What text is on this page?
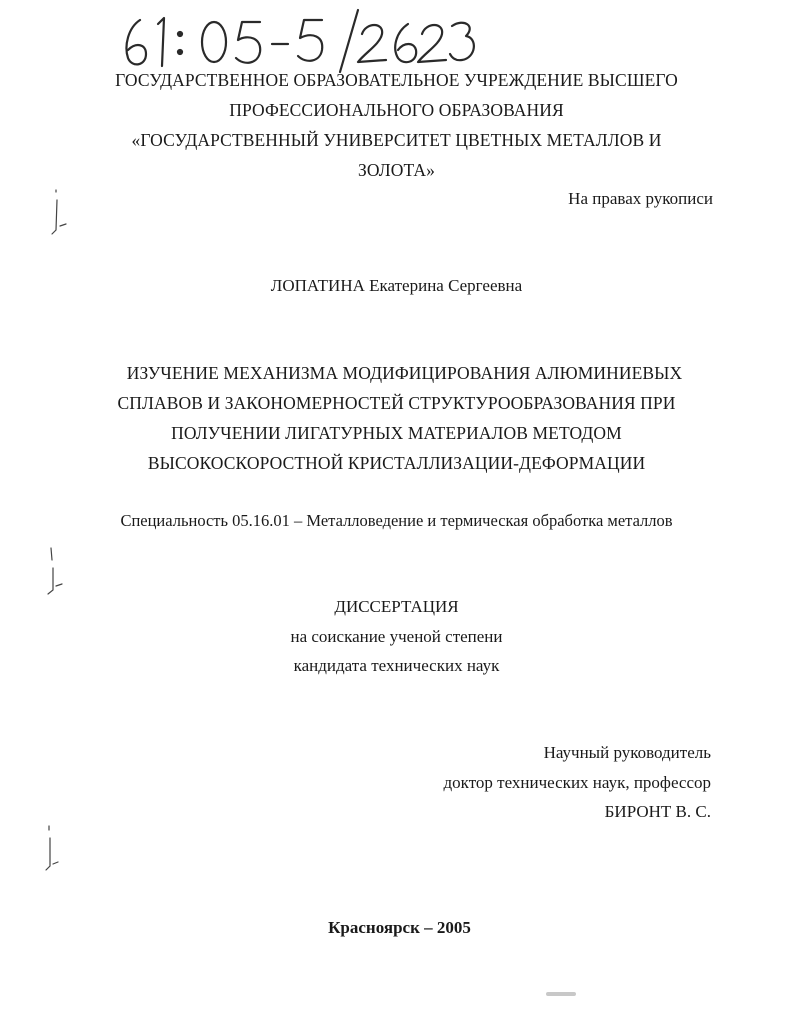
ГОСУДАРСТВЕННОЕ ОБРАЗОВАТЕЛЬНОЕ УЧРЕЖДЕНИЕ ВЫСШЕГО
ПРОФЕССИОНАЛЬНОГО ОБРАЗОВАНИЯ
«ГОСУДАРСТВЕННЫЙ УНИВЕРСИТЕТ ЦВЕТНЫХ МЕТАЛЛОВ И
ЗОЛОТА»
На правах рукописи
ЛОПАТИНА Екатерина Сергеевна
ИЗУЧЕНИЕ МЕХАНИЗМА МОДИФИЦИРОВАНИЯ АЛЮМИНИЕВЫХ
СПЛАВОВ И ЗАКОНОМЕРНОСТЕЙ СТРУКТУРООБРАЗОВАНИЯ ПРИ
ПОЛУЧЕНИИ ЛИГАТУРНЫХ МАТЕРИАЛОВ МЕТОДОМ
ВЫСОКОСКОРОСТНОЙ КРИСТАЛЛИЗАЦИИ-ДЕФОРМАЦИИ
Специальность 05.16.01 – Металловедение и термическая обработка металлов
ДИССЕРТАЦИЯ
на соискание ученой степени
кандидата технических наук
Научный руководитель
доктор технических наук, профессор
БИРОНТ В. С.
Красноярск – 2005
